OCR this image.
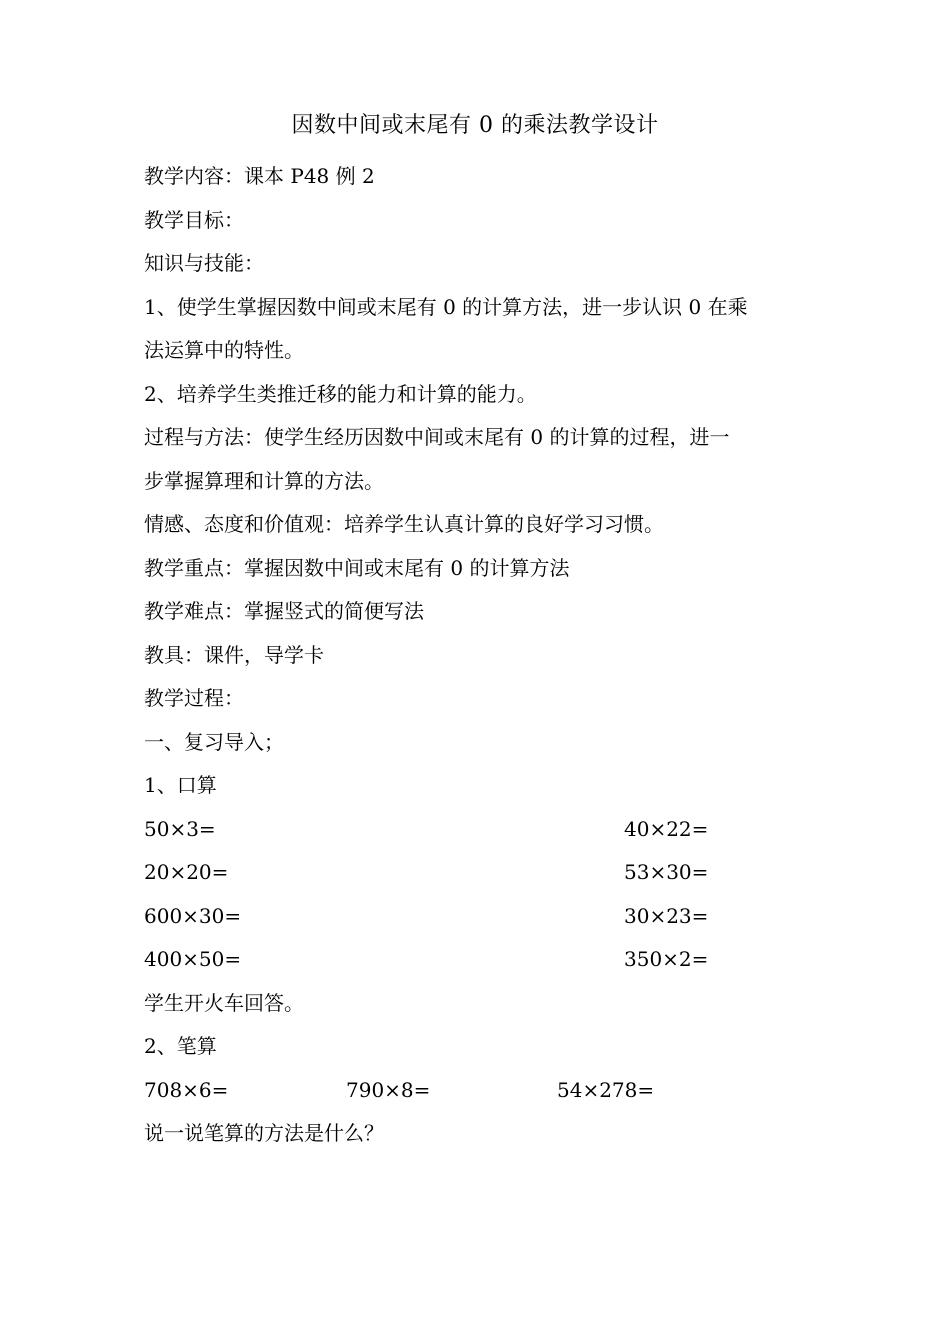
因数中间或末尾有 0 的乘法教学设计
教学内容：课本 P48 例 2
教学目标：
知识与技能：
1、使学生掌握因数中间或末尾有 0 的计算方法，进一步认识 0 在乘
法运算中的特性。
2、培养学生类推迁移的能力和计算的能力。
过程与方法：使学生经历因数中间或末尾有 0 的计算的过程，进一
步掌握算理和计算的方法。
情感、态度和价值观：培养学生认真计算的良好学习习惯。
教学重点：掌握因数中间或末尾有 0 的计算方法
教学难点：掌握竖式的简便写法
教具：课件，导学卡
教学过程：
一、复习导入；
1、口算
50×3=	40×22=
20×20=	53×30=
600×30=	30×23=
400×50=	350×2=
学生开火车回答。
2、笔算
708×6=	790×8=	54×278=
说一说笔算的方法是什么？
